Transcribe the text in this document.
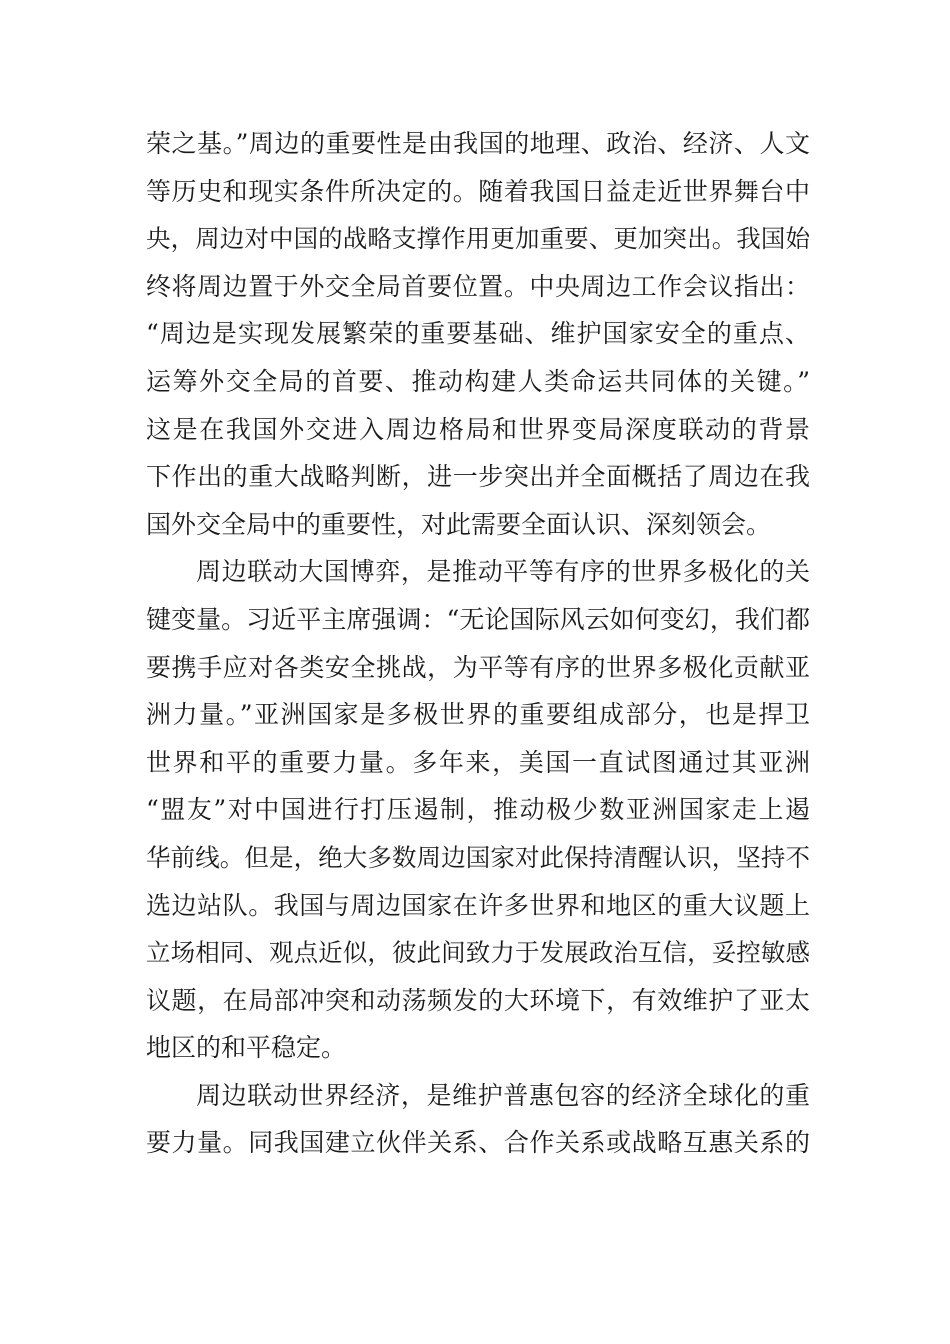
荣之基。”周边的重要性是由我国的地理、政治、经济、人文
等历史和现实条件所决定的。随着我国日益走近世界舞台中
央，周边对中国的战略支撑作用更加重要、更加突出。我国始
终将周边置于外交全局首要位置。中央周边工作会议指出：
“周边是实现发展繁荣的重要基础、维护国家安全的重点、
运筹外交全局的首要、推动构建人类命运共同体的关键。”
这是在我国外交进入周边格局和世界变局深度联动的背景
下作出的重大战略判断，进一步突出并全面概括了周边在我
国外交全局中的重要性，对此需要全面认识、深刻领会。
周边联动大国博弈，是推动平等有序的世界多极化的关
键变量。习近平主席强调：“无论国际风云如何变幻，我们都
要携手应对各类安全挑战，为平等有序的世界多极化贡献亚
洲力量。”亚洲国家是多极世界的重要组成部分，也是捍卫
世界和平的重要力量。多年来，美国一直试图通过其亚洲
“盟友”对中国进行打压遏制，推动极少数亚洲国家走上遏
华前线。但是，绝大多数周边国家对此保持清醒认识，坚持不
选边站队。我国与周边国家在许多世界和地区的重大议题上
立场相同、观点近似，彼此间致力于发展政治互信，妥控敏感
议题，在局部冲突和动荡频发的大环境下，有效维护了亚太
地区的和平稳定。
周边联动世界经济，是维护普惠包容的经济全球化的重
要力量。同我国建立伙伴关系、合作关系或战略互惠关系的
